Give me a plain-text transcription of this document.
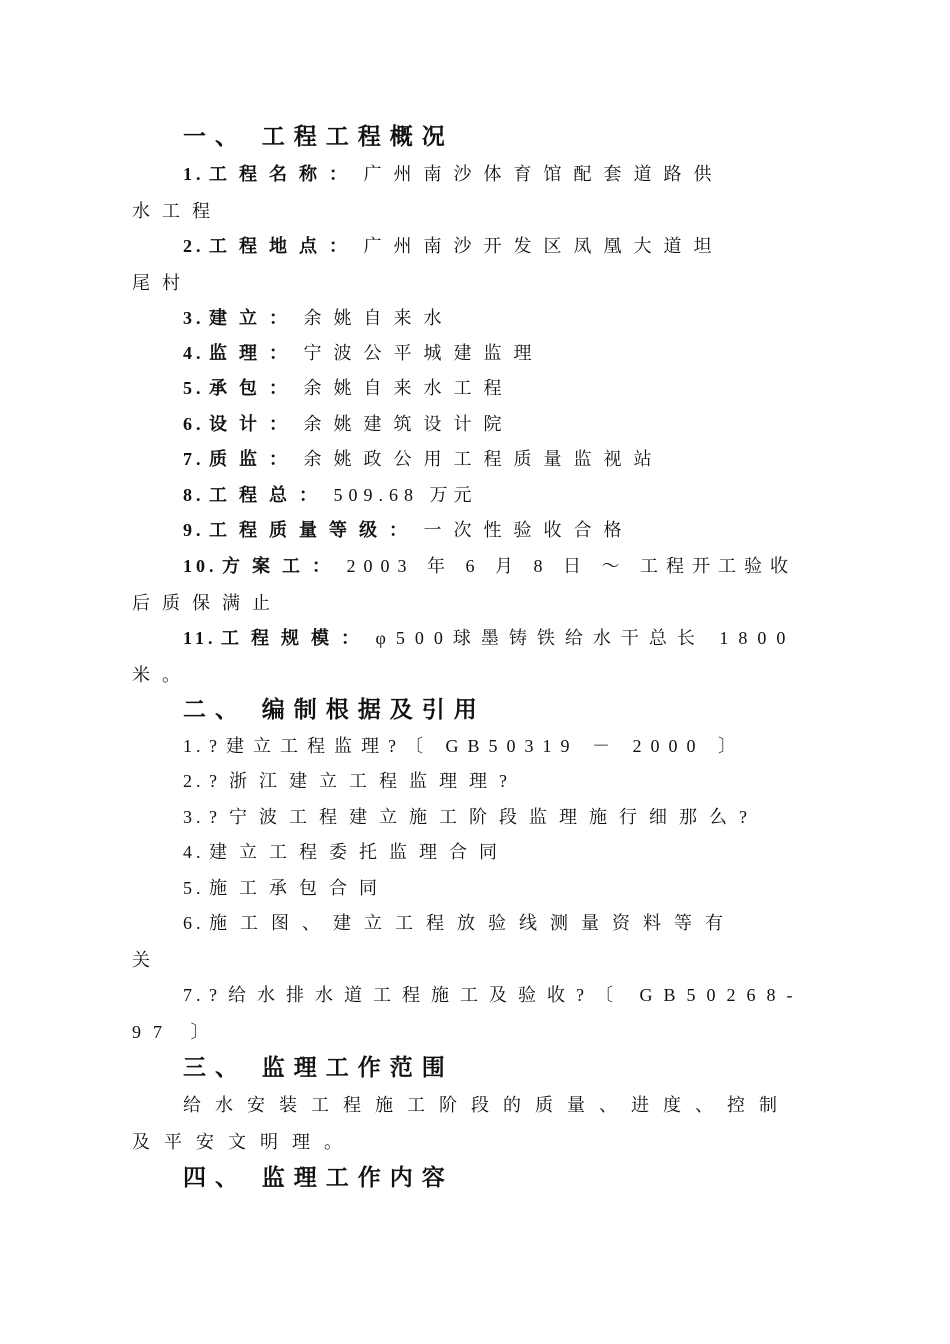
一、 工程工程概况
1. 工程名称： 广州南沙体育馆配套道路供
水工程
2. 工程地点： 广州南沙开发区凤凰大道坦
尾村
3. 建立： 余姚自来水
4. 监理： 宁波公平城建监理
5. 承包： 余姚自来水工程
6. 设计： 余姚建筑设计院
7. 质监： 余姚政公用工程质量监视站
8. 工程总： 509.68 万元
9. 工程质量等级： 一次性验收合格
10. 方案工： 2003 年 6 月 8 日 ～ 工程开工验收
后质保满止
11. 工程规模： φ500球墨铸铁给水干总长 1800
米。
二、 编制根据及引用
1. ?建立工程监理?〔 GB50319 － 2000 〕
2. ?浙江建立工程监理理?
3. ?宁波工程建立施工阶段监理施行细那么?
4. 建立工程委托监理合同
5. 施工承包合同
6. 施工图、建立工程放验线测量资料等有
关
7. ?给水排水道工程施工及验收?〔 GB50268-
97 〕
三、 监理工作范围
给水安装工程施工阶段的质量、进度、控制
及平安文明理。
四、 监理工作内容
